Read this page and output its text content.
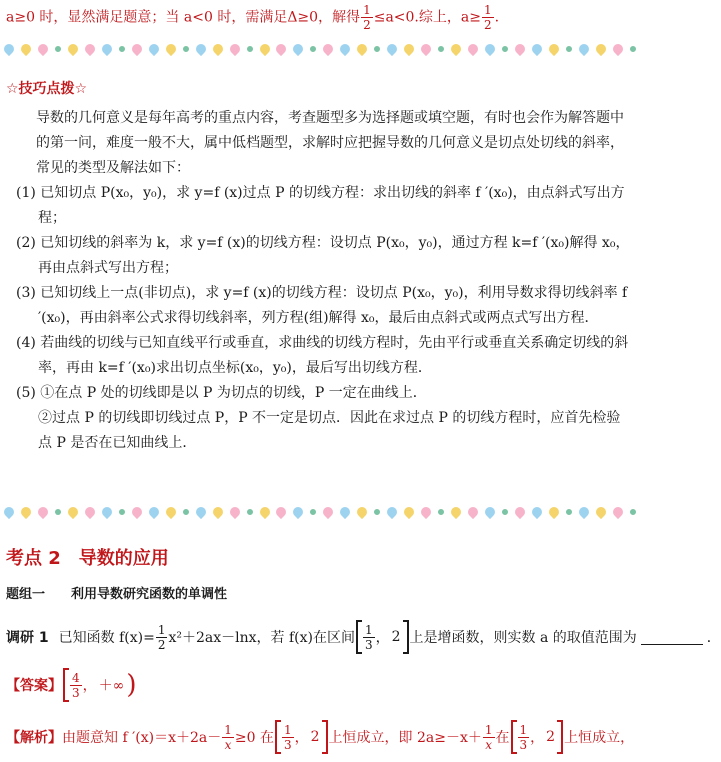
a≥0 时，显然满足题意；当 a<0 时，需满足Δ≥0，解得 $\frac{1}{2} \le a<0$.综上，$a\ge \frac{1}{2}$ .
☆技巧点拨☆

导数的几何意义是每年高考的重点内容，考查题型多为选择题或填空题，有时也会作为解答题中的第一问，难度一般不大，属中低档题型，求解时应把握导数的几何意义是切点处切线的斜率，常见的类型及解法如下：

(1) 已知切点 P(x₀，y₀)，求 y=f (x)过点 P 的切线方程：求出切线的斜率 f ′(x₀)，由点斜式写出方程；

(2) 已知切线的斜率为 k，求 y=f (x)的切线方程：设切点 P(x₀，y₀)，通过方程 k=f ′(x₀)解得 x₀，再由点斜式写出方程；

(3) 已知切线上一点(非切点)，求 y=f (x)的切线方程：设切点 P(x₀，y₀)，利用导数求得切线斜率 f ′(x₀)，再由斜率公式求得切线斜率，列方程(组)解得 x₀，最后由点斜式或两点式写出方程．

(4) 若曲线的切线与已知直线平行或垂直，求曲线的切线方程时，先由平行或垂直关系确定切线的斜率，再由 k=f ′(x₀)求出切点坐标(x₀，y₀)，最后写出切线方程．

(5) ①在点 P 处的切线即是以 P 为切点的切线，P 一定在曲线上．

②过点 P 的切线即切线过点 P，P 不一定是切点．因此在求过点 P 的切线方程时，应首先检验点 P 是否在已知曲线上．

考点 2　导数的应用
题组一　　利用导数研究函数的单调性
调研 1 已知函数 $f(x)= \frac{1}{2} x^2+2ax-\ln x$，若 f(x)在区间 $\frac{1}{3}$ ， 2 上是增函数，则实数 a 的取值范围为	．
【答案】 $\frac{4}{3}$ ， ＋∞ )
【解析】 由题意知 f $'(x)=x+2a- \frac{1}{x} \ge 0$ 在 $\frac{1}{3}$ ， 2 上恒成立，即 $2a\ge-x+ \frac{1}{x}$ 在 $\frac{1}{3}$ ， 2 上恒成立，
